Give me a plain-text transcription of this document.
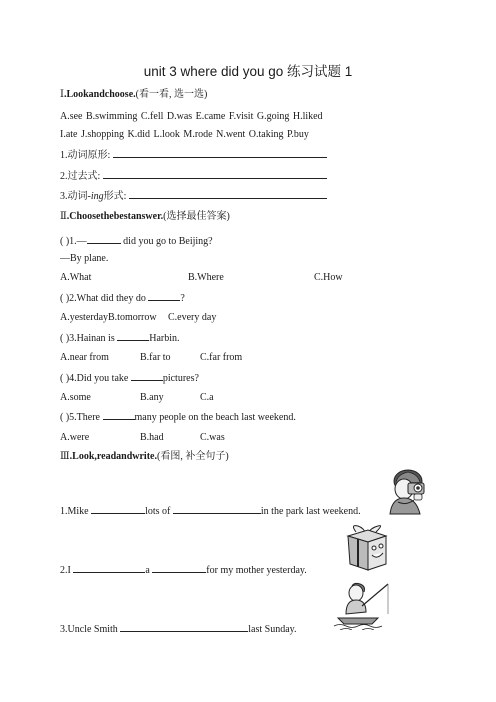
unit 3 where did you go 练习试题 1
Ⅰ.Lookandchoose.(看一看, 选一选)
A.see B.swimming C.fell D.was E.came F.visit G.going H.liked
I.ate J.shopping K.did L.look M.rode N.went O.taking P.buy
1.动词原形:
2.过去式:
3.动词-ing形式:
Ⅱ.Choosethebestanswer.(选择最佳答案)
( )1.—	did you go to Beijing?
—By plane.
A.What	B.Where	C.How
( )2.What did they do	?
A.yesterdayB.tomorrow C.every day
( )3.Hainan is	Harbin.
A.near from	B.far to	C.far from
( )4.Did you take	pictures?
A.some	B.any	C.a
( )5.There	many people on the beach last weekend.
A.were	B.had	C.was
Ⅲ.Look,readandwrite.(看图, 补全句子)
1.Mike	lots of	in the park last weekend.
2.I	a	for my mother yesterday.
3.Uncle Smith	last Sunday.
